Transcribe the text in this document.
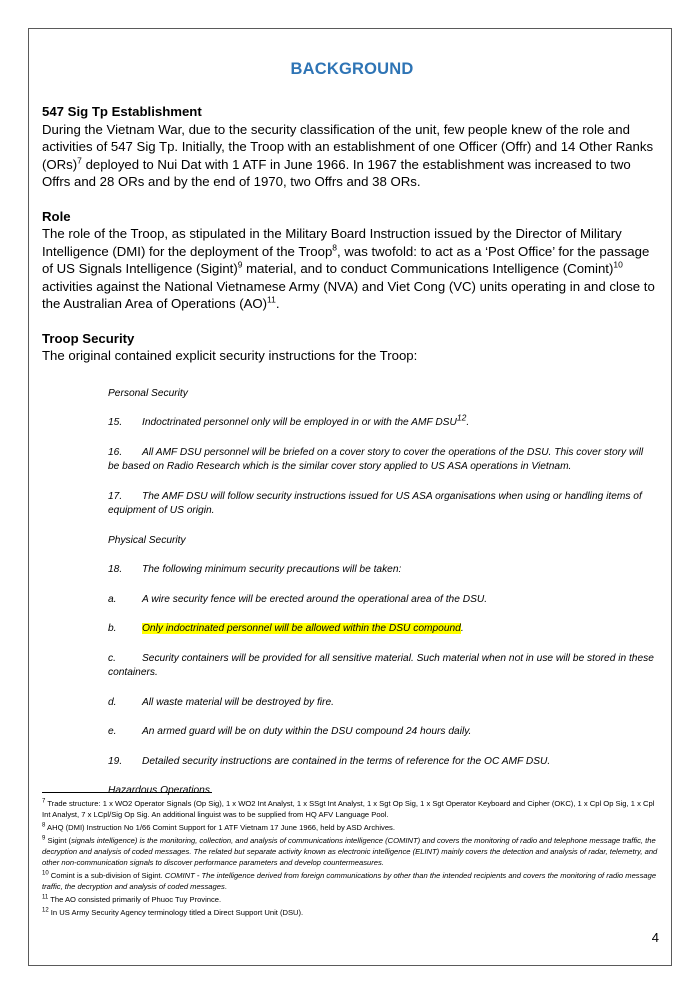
BACKGROUND

547 Sig Tp Establishment

During the Vietnam War, due to the security classification of the unit, few people knew of the role and activities of 547 Sig Tp. Initially, the Troop with an establishment of one Officer (Offr) and 14 Other Ranks (ORs)$^7$ deployed to Nui Dat with 1 ATF in June 1966. In 1967 the establishment was increased to two Offrs and 28 ORs and by the end of 1970, two Offrs and 38 ORs.

Role

The role of the Troop, as stipulated in the Military Board Instruction issued by the Director of Military Intelligence (DMI) for the deployment of the Troop$^8$, was twofold: to act as a ‘Post Office’ for the passage of US Signals Intelligence (Sigint)$^9$ material, and to conduct Communications Intelligence $(Comint)^{10}$ activities against the National Vietnamese Army (NVA) and Viet Cong (VC) units operating in and close to the Australian Area of Operations (AO)$^{11}$.

Troop Security

The original contained explicit security instructions for the Troop:

Personal Security

15. Indoctrinated personnel only will be employed in or with the AMF DSU$^{12}$.

16. All AMF DSU personnel will be briefed on a cover story to cover the operations of the DSU. This cover story will be based on Radio Research which is the similar cover story applied to US ASA operations in Vietnam.

17. The AMF DSU will follow security instructions issued for US ASA organisations when using or handling items of equipment of US origin.

Physical Security

18. The following minimum security precautions will be taken:

a.	A wire security fence will be erected around the operational area of the DSU.

b.	Only indoctrinated personnel will be allowed within the DSU compound.

c.	Security containers will be provided for all sensitive material. Such material when not in use will be stored in these containers.

d.	All waste material will be destroyed by fire.

e.	An armed guard will be on duty within the DSU compound 24 hours daily.

19. Detailed security instructions are contained in the terms of reference for the OC AMF DSU.

Hazardous Operations

$^7$ Trade structure: 1 x WO2 Operator Signals (Op Sig), 1 x WO2 Int Analyst, 1 x SSgt Int Analyst, 1 x Sgt Op Sig, 1 x Sgt Operator Keyboard and Cipher (OKC), 1 x Cpl Op Sig, 1 x Cpl Int Analyst, 7 x LCpl/Sig Op Sig. An additional linguist was to be supplied from HQ AFV Language Pool.

$^8$ AHQ (DMI) Instruction No 1/66 Comint Support for 1 ATF Vietnam 17 June 1966, held by ASD Archives.

$^9$ Sigint (signals intelligence) is the monitoring, collection, and analysis of communications intelligence (COMINT) and covers the monitoring of radio and telephone message traffic, the decryption and analysis of coded messages. The related but separate activity known as electronic intelligence (ELINT) mainly covers the detection and analysis of radar, telemetry, and other non-communication signals to discover performance parameters and develop countermeasures.

$^{10}$ Comint is a sub-division of Sigint. COMINT - The intelligence derived from foreign communications by other than the intended recipients and covers the monitoring of radio message traffic, the decryption and analysis of coded messages.

$^{11}$ The AO consisted primarily of Phuoc Tuy Province.

$^{12}$ In US Army Security Agency terminology titled a Direct Support Unit (DSU).

4
